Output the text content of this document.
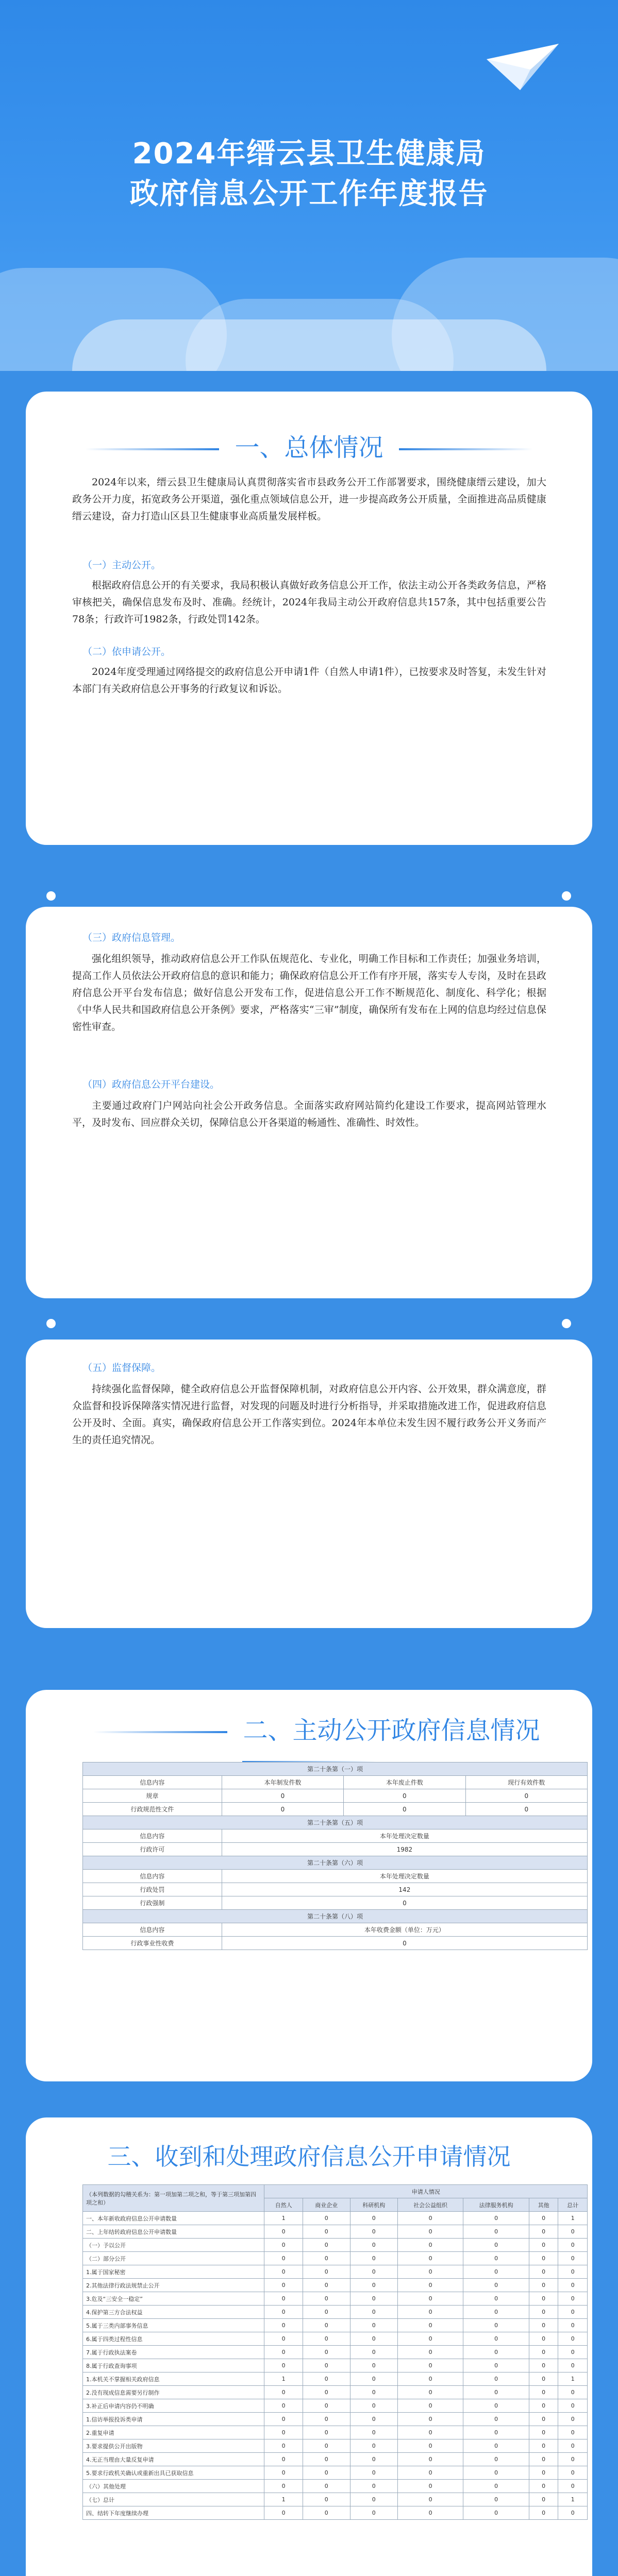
2024年缙云县卫生健康局
政府信息公开工作年度报告
一、总体情况
2024年以来，缙云县卫生健康局认真贯彻落实省市县政务公开工作部署要求，围绕健康缙云建设，加大政务公开力度，拓宽政务公开渠道，强化重点领域信息公开，进一步提高政务公开质量，全面推进高品质健康缙云建设，奋力打造山区县卫生健康事业高质量发展样板。
（一）主动公开。
根据政府信息公开的有关要求，我局积极认真做好政务信息公开工作，依法主动公开各类政务信息，严格审核把关，确保信息发布及时、准确。经统计，2024年我局主动公开政府信息共157条，其中包括重要公告78条；行政许可1982条，行政处罚142条。
（二）依申请公开。
2024年度受理通过网络提交的政府信息公开申请1件（自然人申请1件），已按要求及时答复，未发生针对本部门有关政府信息公开事务的行政复议和诉讼。
（三）政府信息管理。
强化组织领导，推动政府信息公开工作队伍规范化、专业化，明确工作目标和工作责任；加强业务培训，提高工作人员依法公开政府信息的意识和能力；确保政府信息公开工作有序开展，落实专人专岗，及时在县政府信息公开平台发布信息；做好信息公开发布工作，促进信息公开工作不断规范化、制度化、科学化；根据《中华人民共和国政府信息公开条例》要求，严格落实“三审”制度，确保所有发布在上网的信息均经过信息保密性审查。
（四）政府信息公开平台建设。
主要通过政府门户网站向社会公开政务信息。全面落实政府网站简约化建设工作要求，提高网站管理水平，及时发布、回应群众关切，保障信息公开各渠道的畅通性、准确性、时效性。
（五）监督保障。
持续强化监督保障，健全政府信息公开监督保障机制，对政府信息公开内容、公开效果，群众满意度，群众监督和投诉保障落实情况进行监督，对发现的问题及时进行分析指导，并采取措施改进工作，促进政府信息公开及时、全面。真实，确保政府信息公开工作落实到位。2024年本单位未发生因不履行政务公开义务而产生的责任追究情况。
二、主动公开政府信息情况
第二十条第（一）项			
信息内容	本年制发件数	本年废止件数	现行有效件数
规章	0	0	0
行政规范性文件	0	0	0
第二十条第（五）项			
信息内容	本年处理决定数量		
行政许可	1982		
第二十条第（六）项			
信息内容	本年处理决定数量		
行政处罚	142		
行政强制	0		
第二十条第（八）项			
信息内容	本年收费金额（单位：万元）		
行政事业性收费	0		
三、收到和处理政府信息公开申请情况
（本列数据的勾稽关系为：第一项加第二项之和，等于第三项加第四项之和）	申请人情况						
	自然人	商业企业	科研机构	社会公益组织	法律服务机构	其他	总计
一、本年新收政府信息公开申请数量	1	0	0	0	0	0	1
二、上年结转政府信息公开申请数量	0	0	0	0	0	0	0
（一）予以公开	0	0	0	0	0	0	0
（二）部分公开	0	0	0	0	0	0	0
1.属于国家秘密	0	0	0	0	0	0	0
2.其他法律行政法规禁止公开	0	0	0	0	0	0	0
3.危及“三安全一稳定”	0	0	0	0	0	0	0
4.保护第三方合法权益	0	0	0	0	0	0	0
5.属于三类内部事务信息	0	0	0	0	0	0	0
6.属于四类过程性信息	0	0	0	0	0	0	0
7.属于行政执法案卷	0	0	0	0	0	0	0
8.属于行政查询事项	0	0	0	0	0	0	0
1.本机关不掌握相关政府信息	1	0	0	0	0	0	1
2.没有现成信息需要另行制作	0	0	0	0	0	0	0
3.补正后申请内容仍不明确	0	0	0	0	0	0	0
1.信访举报投诉类申请	0	0	0	0	0	0	0
2.重复申请	0	0	0	0	0	0	0
3.要求提供公开出版物	0	0	0	0	0	0	0
4.无正当理由大量反复申请	0	0	0	0	0	0	0
5.要求行政机关确认或重新出具已获取信息	0	0	0	0	0	0	0
（六）其他处理	0	0	0	0	0	0	0
（七）总计	1	0	0	0	0	0	1
四、结转下年度继续办理	0	0	0	0	0	0	0
